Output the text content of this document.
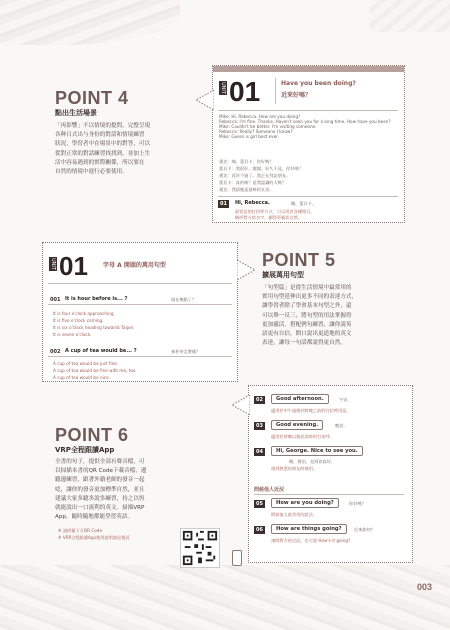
POINT 4
點出生活場景
「再影響」不以情境的提問，完整呈現
各种日式出与身份的對話和情境練習
狀況，學習者中在場景中的對答，可以
從對正常的對話練習找找到，並加上生
活中容易遇到的實際關係，所以要在
自然的情境中進行必要使用。
UNIT 01	Have you been doing?
近來好嗎？
Mike: Hi, Rebecca. How are you doing?
Rebecca: I'm fine. Thanks. Haven't seen you for a long time. How have you been?
Mike: Couldn't be better. I'm visiting someone.
Rebecca: Really? Someone I know?
Mike: Guess is girl best ever.
邁克：嗨，蕾貝卡，你好嗎？
蕾貝卡：我很好，謝謝。好久不見，你好嗎？
邁克：再好不過了。我正在拜訪朋友。
蕾貝卡：真的嗎？是我認識的人嗎？
邁克：我猜她是最棒的女孩。
01	Hi, Rebecca.	嗨，蕾貝卡。
最常見的打招呼方式，可以用於各種場合。
稱呼對方的名字，顯得更親切自然。
UNIT 01	字母 A 開頭的萬用句型
001 It is hour before is... ?	現在幾點了？
It is four o'clock approaching.
It is five o'clock coming.
It is six o'clock heading towards Taipei.
It is seven o'clock.
002 A cup of tea would be... ?	來杯茶怎麼樣？
A cup of tea would be just fine.
A cup of tea would be fine with me, too.
A cup of tea would be nice.
POINT 5
擴展萬用句型
「句型篇」是從生活情境中最常用的
實用句型延伸出更多不同的表達方式，
讓學習者除了學會基本句型之外，還
可以舉一反三，將句型的用法掌握得
更加靈活。搭配例句練習，讓你說英
語更有自信，開口說出更道地的英文
表達，讓每一句話都說得更自然。
POINT 6
VRP全程跟讀App
全書的句子，提供全部有聲音檔，可
以掃描本書的QR Code下載音檔，邊
聽邊練習，跟著外籍老師的發音一起
唸，讓你的發音更加標準自然，並且
建議大家多聽多說多練習，持之以恆
就能說出一口流利的英文。掃描VRP
App，隨時隨地都能學習英語。
※ 請掃描下方QR Code
※ VRP全程跟讀App使用說明請見後頁
02	Good afternoon.	午安。
適用於中午過後到傍晚之前的打招呼用語。
03	Good evening.	晚安。
適用於傍晚以後見面時的打招呼。
04	Hi, George. Nice to see you.
嗨，喬治，見到你真好。
遇到熟悉的朋友時使用。
問候他人近況
05	How are you doing?	你好嗎？
問候他人最常用的說法。
06	How are things going?	近來如何？
詢問對方的近況，也可說 How's it going?
003
